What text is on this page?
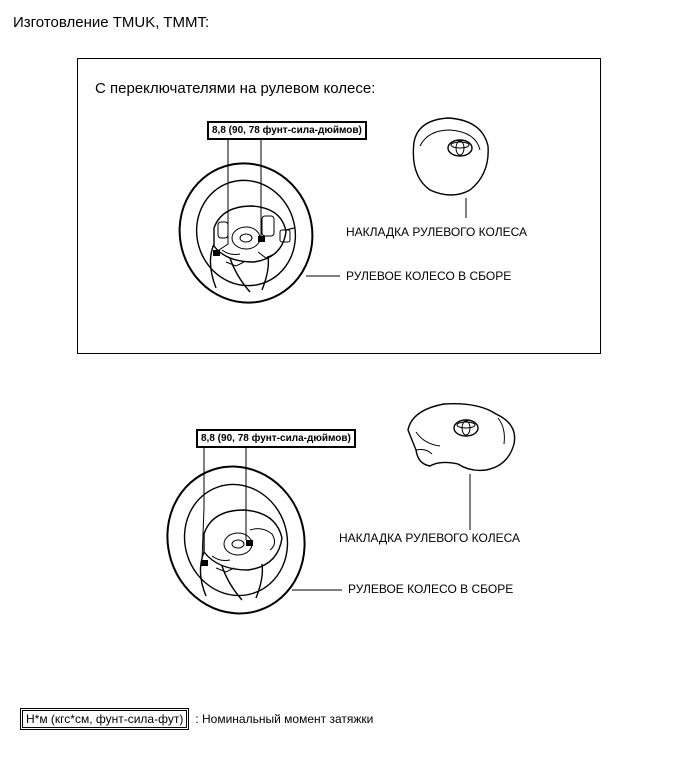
Изготовление TMUK, TMMT:
С переключателями на рулевом колесе:
8,8 (90, 78 фунт-сила-дюймов)
НАКЛАДКА РУЛЕВОГО КОЛЕСА
РУЛЕВОЕ КОЛЕСО В СБОРЕ
8,8 (90, 78 фунт-сила-дюймов)
НАКЛАДКА РУЛЕВОГО КОЛЕСА
РУЛЕВОЕ КОЛЕСО В СБОРЕ
Н*м (кгс*см, фунт-сила-фут)	: Номинальный момент затяжки
